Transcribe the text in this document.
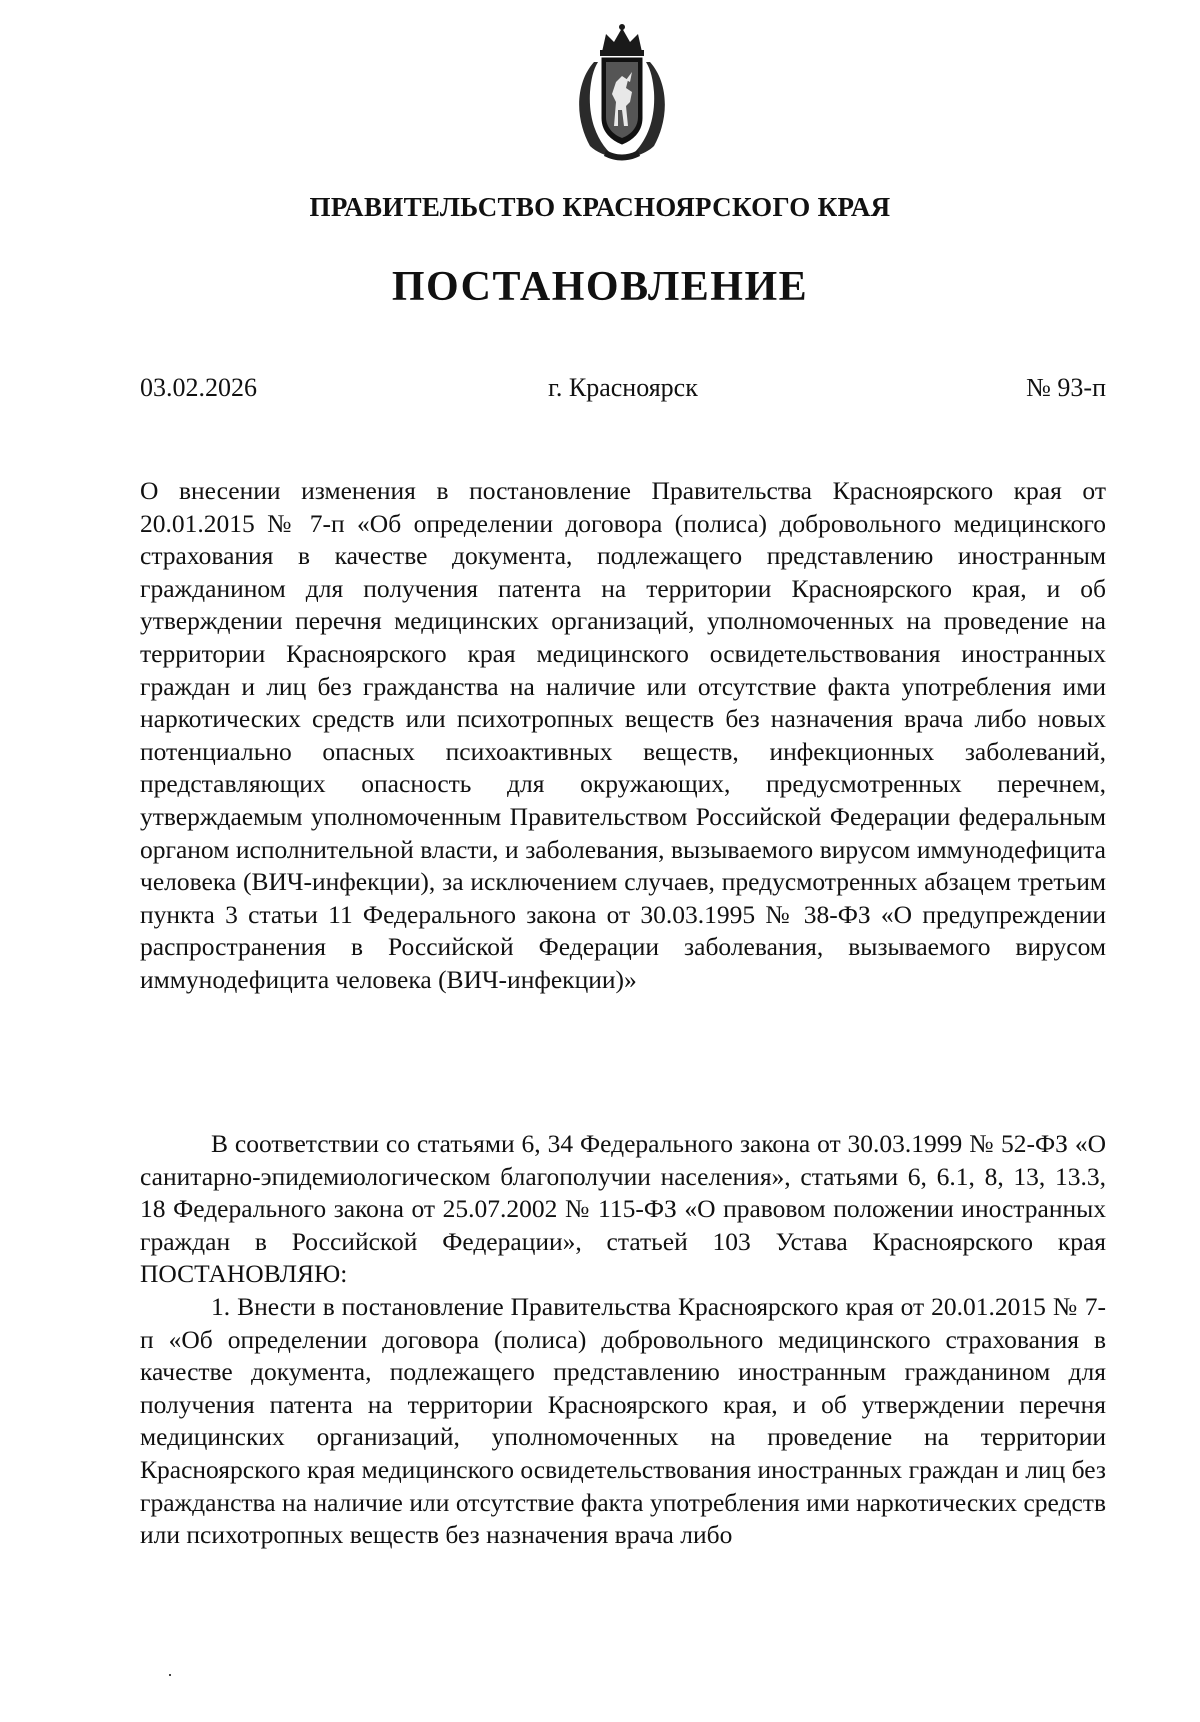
ПРАВИТЕЛЬСТВО КРАСНОЯРСКОГО КРАЯ
ПОСТАНОВЛЕНИЕ
03.02.2026	г. Красноярск	№ 93-п
О внесении изменения в постановление Правительства Красноярского края от 20.01.2015 № 7-п «Об определении договора (полиса) добровольного медицинского страхования в качестве документа, подлежащего представлению иностранным гражданином для получения патента на территории Красноярского края, и об утверждении перечня медицинских организаций, уполномоченных на проведение на территории Красноярского края медицинского освидетельствования иностранных граждан и лиц без гражданства на наличие или отсутствие факта употребления ими наркотических средств или психотропных веществ без назначения врача либо новых потенциально опасных психоактивных веществ, инфекционных заболеваний, представляющих опасность для окружающих, предусмотренных перечнем, утверждаемым уполномоченным Правительством Российской Федерации федеральным органом исполнительной власти, и заболевания, вызываемого вирусом иммунодефицита человека (ВИЧ-инфекции), за исключением случаев, предусмотренных абзацем третьим пункта 3 статьи 11 Федерального закона от 30.03.1995 № 38-ФЗ «О предупреждении распространения в Российской Федерации заболевания, вызываемого вирусом иммунодефицита человека (ВИЧ-инфекции)»

В соответствии со статьями 6, 34 Федерального закона от 30.03.1999 № 52-ФЗ «О санитарно-эпидемиологическом благополучии населения», статьями 6, 6.1, 8, 13, 13.3, 18 Федерального закона от 25.07.2002 № 115-ФЗ «О правовом положении иностранных граждан в Российской Федерации», статьей 103 Устава Красноярского края ПОСТАНОВЛЯЮ:

1. Внести в постановление Правительства Красноярского края от 20.01.2015 № 7-п «Об определении договора (полиса) добровольного медицинского страхования в качестве документа, подлежащего представлению иностранным гражданином для получения патента на территории Красноярского края, и об утверждении перечня медицинских организаций, уполномоченных на проведение на территории Красноярского края медицинского освидетельствования иностранных граждан и лиц без гражданства на наличие или отсутствие факта употребления ими наркотических средств или психотропных веществ без назначения врача либо
